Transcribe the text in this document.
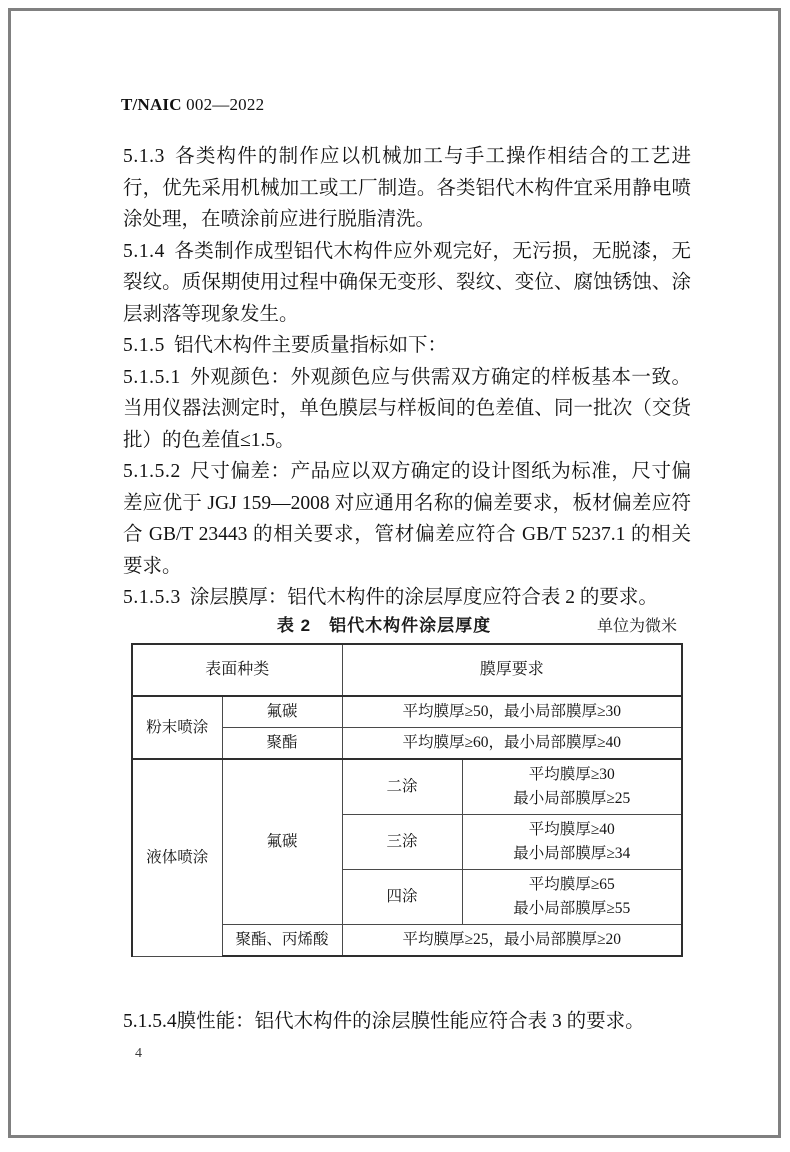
T/NAIC 002—2022

5.1.3 各类构件的制作应以机械加工与手工操作相结合的工艺进行，优先采用机械加工或工厂制造。各类铝代木构件宜采用静电喷涂处理，在喷涂前应进行脱脂清洗。

5.1.4 各类制作成型铝代木构件应外观完好，无污损，无脱漆，无裂纹。质保期使用过程中确保无变形、裂纹、变位、腐蚀锈蚀、涂层剥落等现象发生。

5.1.5 铝代木构件主要质量指标如下：

5.1.5.1 外观颜色：外观颜色应与供需双方确定的样板基本一致。当用仪器法测定时，单色膜层与样板间的色差值、同一批次（交货批）的色差值≤1.5。

5.1.5.2 尺寸偏差：产品应以双方确定的设计图纸为标准，尺寸偏差应优于 JGJ 159—2008 对应通用名称的偏差要求，板材偏差应符合 GB/T 23443 的相关要求，管材偏差应符合 GB/T 5237.1 的相关要求。

5.1.5.3 涂层膜厚：铝代木构件的涂层厚度应符合表 2 的要求。

表 2　铝代木构件涂层厚度	单位为微米
表面种类		膜厚要求	
粉末喷涂	氟碳	平均膜厚≥50，最小局部膜厚≥30	
	聚酯	平均膜厚≥60，最小局部膜厚≥40	
液体喷涂	氟碳	二涂	平均膜厚≥30
最小局部膜厚≥25

		三涂	平均膜厚≥40
最小局部膜厚≥34

		四涂	平均膜厚≥65
最小局部膜厚≥55

	聚酯、丙烯酸	平均膜厚≥25，最小局部膜厚≥20	
5.1.5.4膜性能：铝代木构件的涂层膜性能应符合表 3 的要求。
4
